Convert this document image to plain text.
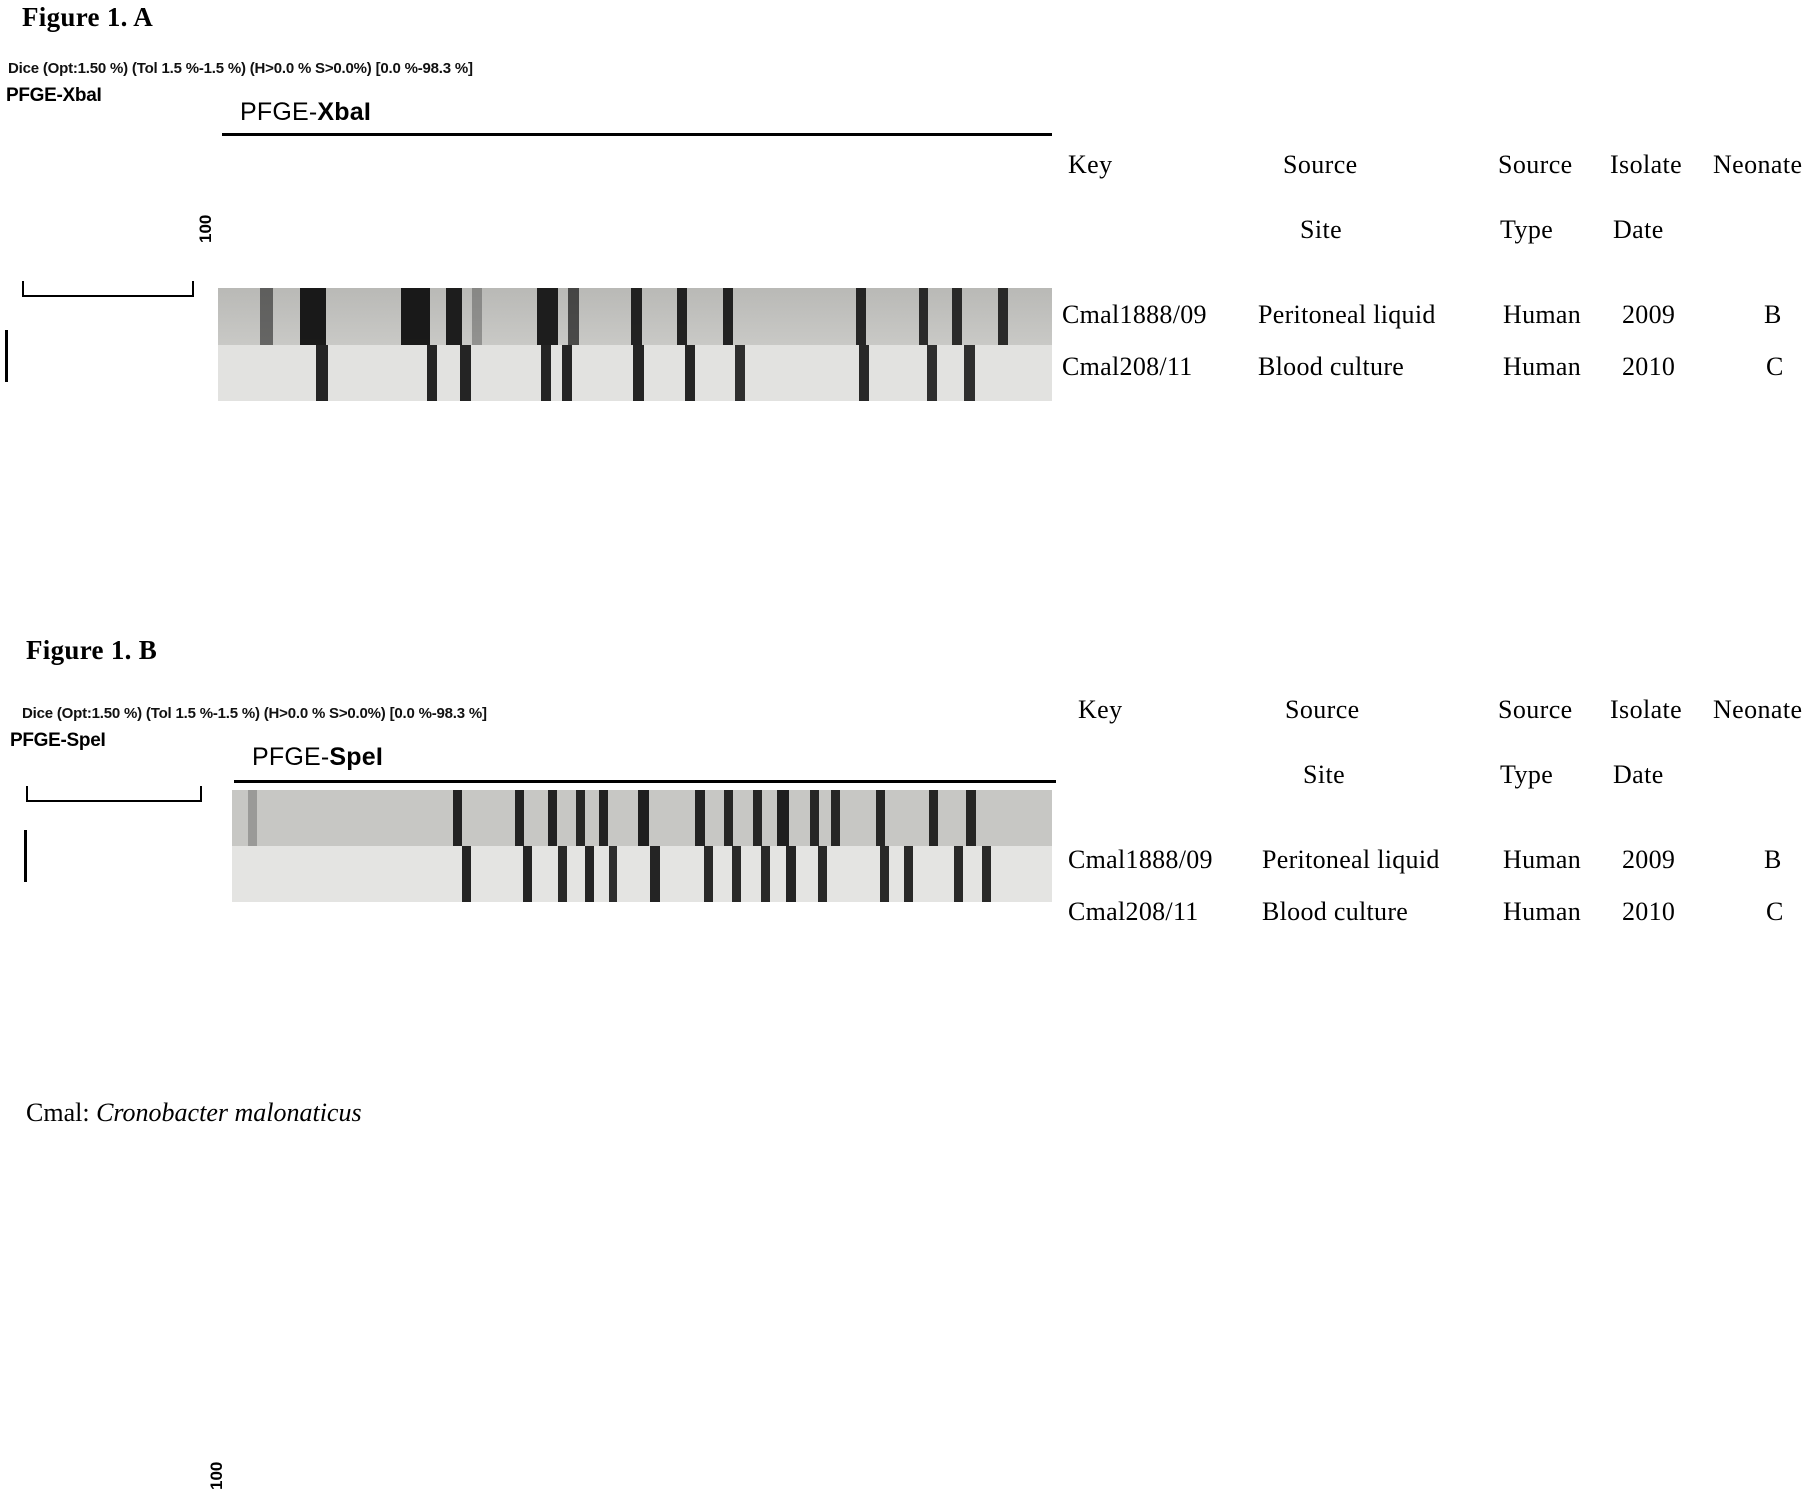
Figure 1. A
Dice (Opt:1.50 %) (Tol 1.5 %-1.5 %) (H>0.0 % S>0.0%) [0.0 %-98.3 %]
PFGE-XbaI
PFGE-XbaI
100
Key	Source	Source Isolate Neonate
Site	Type Date
Cmal1888/09 Peritoneal liquid	Human 2009	B
Cmal208/11	Blood culture	Human 2010	C
Figure 1. B
Dice (Opt:1.50 %) (Tol 1.5 %-1.5 %) (H>0.0 % S>0.0%) [0.0 %-98.3 %]
PFGE-SpeI
PFGE-SpeI
100
Key	Source	Source Isolate Neonate
Site	Type Date
Cmal1888/09 Peritoneal liquid Human 2009	B
Cmal208/11 Blood culture	Human 2010	C
Cmal: Cronobacter malonaticus
